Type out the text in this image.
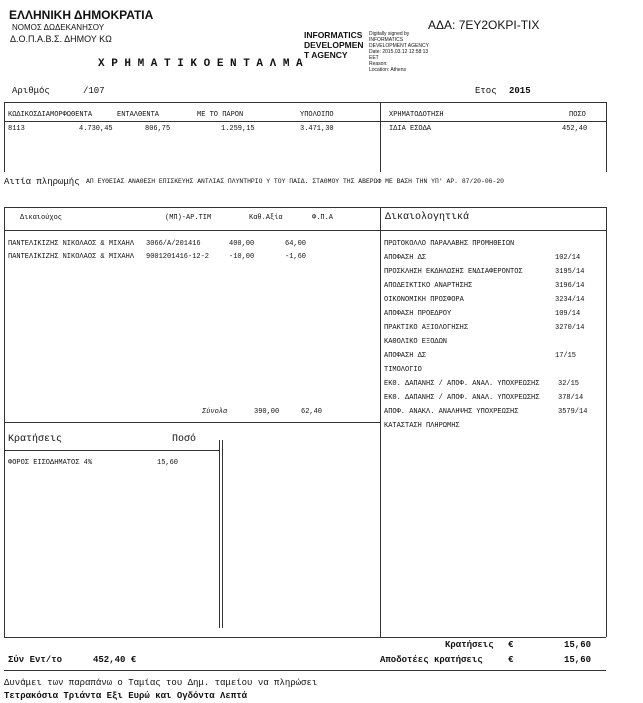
ΕΛΛΗΝΙΚΗ ΔΗΜΟΚΡΑΤΙΑ
ΝΟΜΟΣ ΔΩΔΕΚΑΝΗΣΟΥ
Δ.Ο.Π.Α.Β.Σ. ΔΗΜΟΥ ΚΩ	INFORMATICS
DEVELOPMEN
T AGENCY
Digitally signed by
INFORMATICS
DEVELOPMENT AGENCY
Date: 2015.03.12 12:58:13
EET
Reason:
Location: Athens
ΑΔΑ: 7ΕΥ2ΟΚΡΙ-ΤΙΧ
Χ Ρ Η Μ Α Τ Ι Κ Ο Ε Ν Τ Α Λ Μ Α
Αριθμός	/107	Ετος 2015
ΚΩΔΙΚΟΣΔΙΑΜΟΡΦΩΘΕΝΤΑ	ΕΝΤΑΛΘΕΝΤΑ	ΜΕ ΤΟ ΠΑΡΟΝ	ΥΠΟΛΟΙΠΟ
8113	4.730,45	806,75	1.259,15	3.471,30
ΧΡΗΜΑΤΟΔΟΤΗΣΗ	ΠΟΣΟ
ΙΔΙΑ ΕΣΟΔΑ	452,40
Αιτία πληρωμής ΑΠ ΕΥΘΕΙΑΣ ΑΝΑΘΕΣΗ ΕΠΙΣΚΕΥΗΣ ΑΝΤΛΙΑΣ ΠΛΥΝΤΗΡΙΟ Υ ΤΟΥ ΠΑΙΔ. ΣΤΑΘΜΟΥ ΤΗΣ ΑΒΕΡΩΦ ΜΕ ΒΑΣΗ ΤΗΝ ΥΠ' ΑΡ. 87/20-06-20
Δικαιούχος	(ΜΠ)-ΑΡ.ΤΙΜ	Καθ.Αξία	Φ.Π.Α	Δικαιολογητικά
ΠΑΝΤΕΛΙΚΙΖΗΣ ΝΙΚΟΛΑΟΣ & ΜΙΧΑΗΛ 3066/Α/201416	400,00	64,00
ΠΑΝΤΕΛΙΚΙΖΗΣ ΝΙΚΟΛΑΟΣ & ΜΙΧΑΗΛ 9001201416-12-2	-10,00	-1,60
Σύνολα	390,00	62,40
ΠΡΩΤΟΚΟΛΛΟ ΠΑΡΑΛΑΒΗΣ ΠΡΟΜΗΘΕΙΩΝ
ΑΠΟΦΑΣΗ ΔΣ	102/14
ΠΡΟΣΚΛΗΣΗ ΕΚΔΗΛΩΣΗΣ ΕΝΔΙΑΦΕΡΟΝΤΟΣ	3195/14
ΑΠΟΔΕΙΚΤΙΚΟ ΑΝΑΡΤΗΣΗΣ	3196/14
ΟΙΚΟΝΟΜΙΚΗ ΠΡΟΣΦΟΡΑ	3234/14
ΑΠΟΦΑΣΗ ΠΡΟΕΔΡΟΥ	109/14
ΠΡΑΚΤΙΚΟ ΑΞΙΟΛΟΓΗΣΗΣ	3270/14
ΚΑΘΟΛΙΚΟ ΕΞΟΔΩΝ
ΑΠΟΦΑΣΗ ΔΣ	17/15
ΤΙΜΟΛΟΓΙΟ
ΕΚΘ. ΔΑΠΑΝΗΣ / ΑΠΟΦ. ΑΝΑΛ. ΥΠΟΧΡΕΩΣΗΣ	32/15
ΕΚΘ. ΔΑΠΑΝΗΣ / ΑΠΟΦ. ΑΝΑΛ. ΥΠΟΧΡΕΩΣΗΣ	378/14
ΑΠΟΦ. ΑΝΑΚΛ. ΑΝΑΛΗΨΗΣ ΥΠΟΧΡΕΩΣΗΣ	3579/14
ΚΑΤΑΣΤΑΣΗ ΠΛΗΡΩΜΗΣ
Κρατήσεις	Ποσό
ΦΟΡΟΣ ΕΙΣΟΔΗΜΑΤΟΣ 4%	15,60
Κρατήσεις €	15,60
Σύν Εντ/το	452,40 €	Αποδοτέες κρατήσεις	€	15,60
Δυνάμει των παραπάνω ο Ταμίας του Δημ. ταμείου να πληρώσει
Τετρακόσια Τριάντα Εξι Ευρώ και Ογδόντα Λεπτά
